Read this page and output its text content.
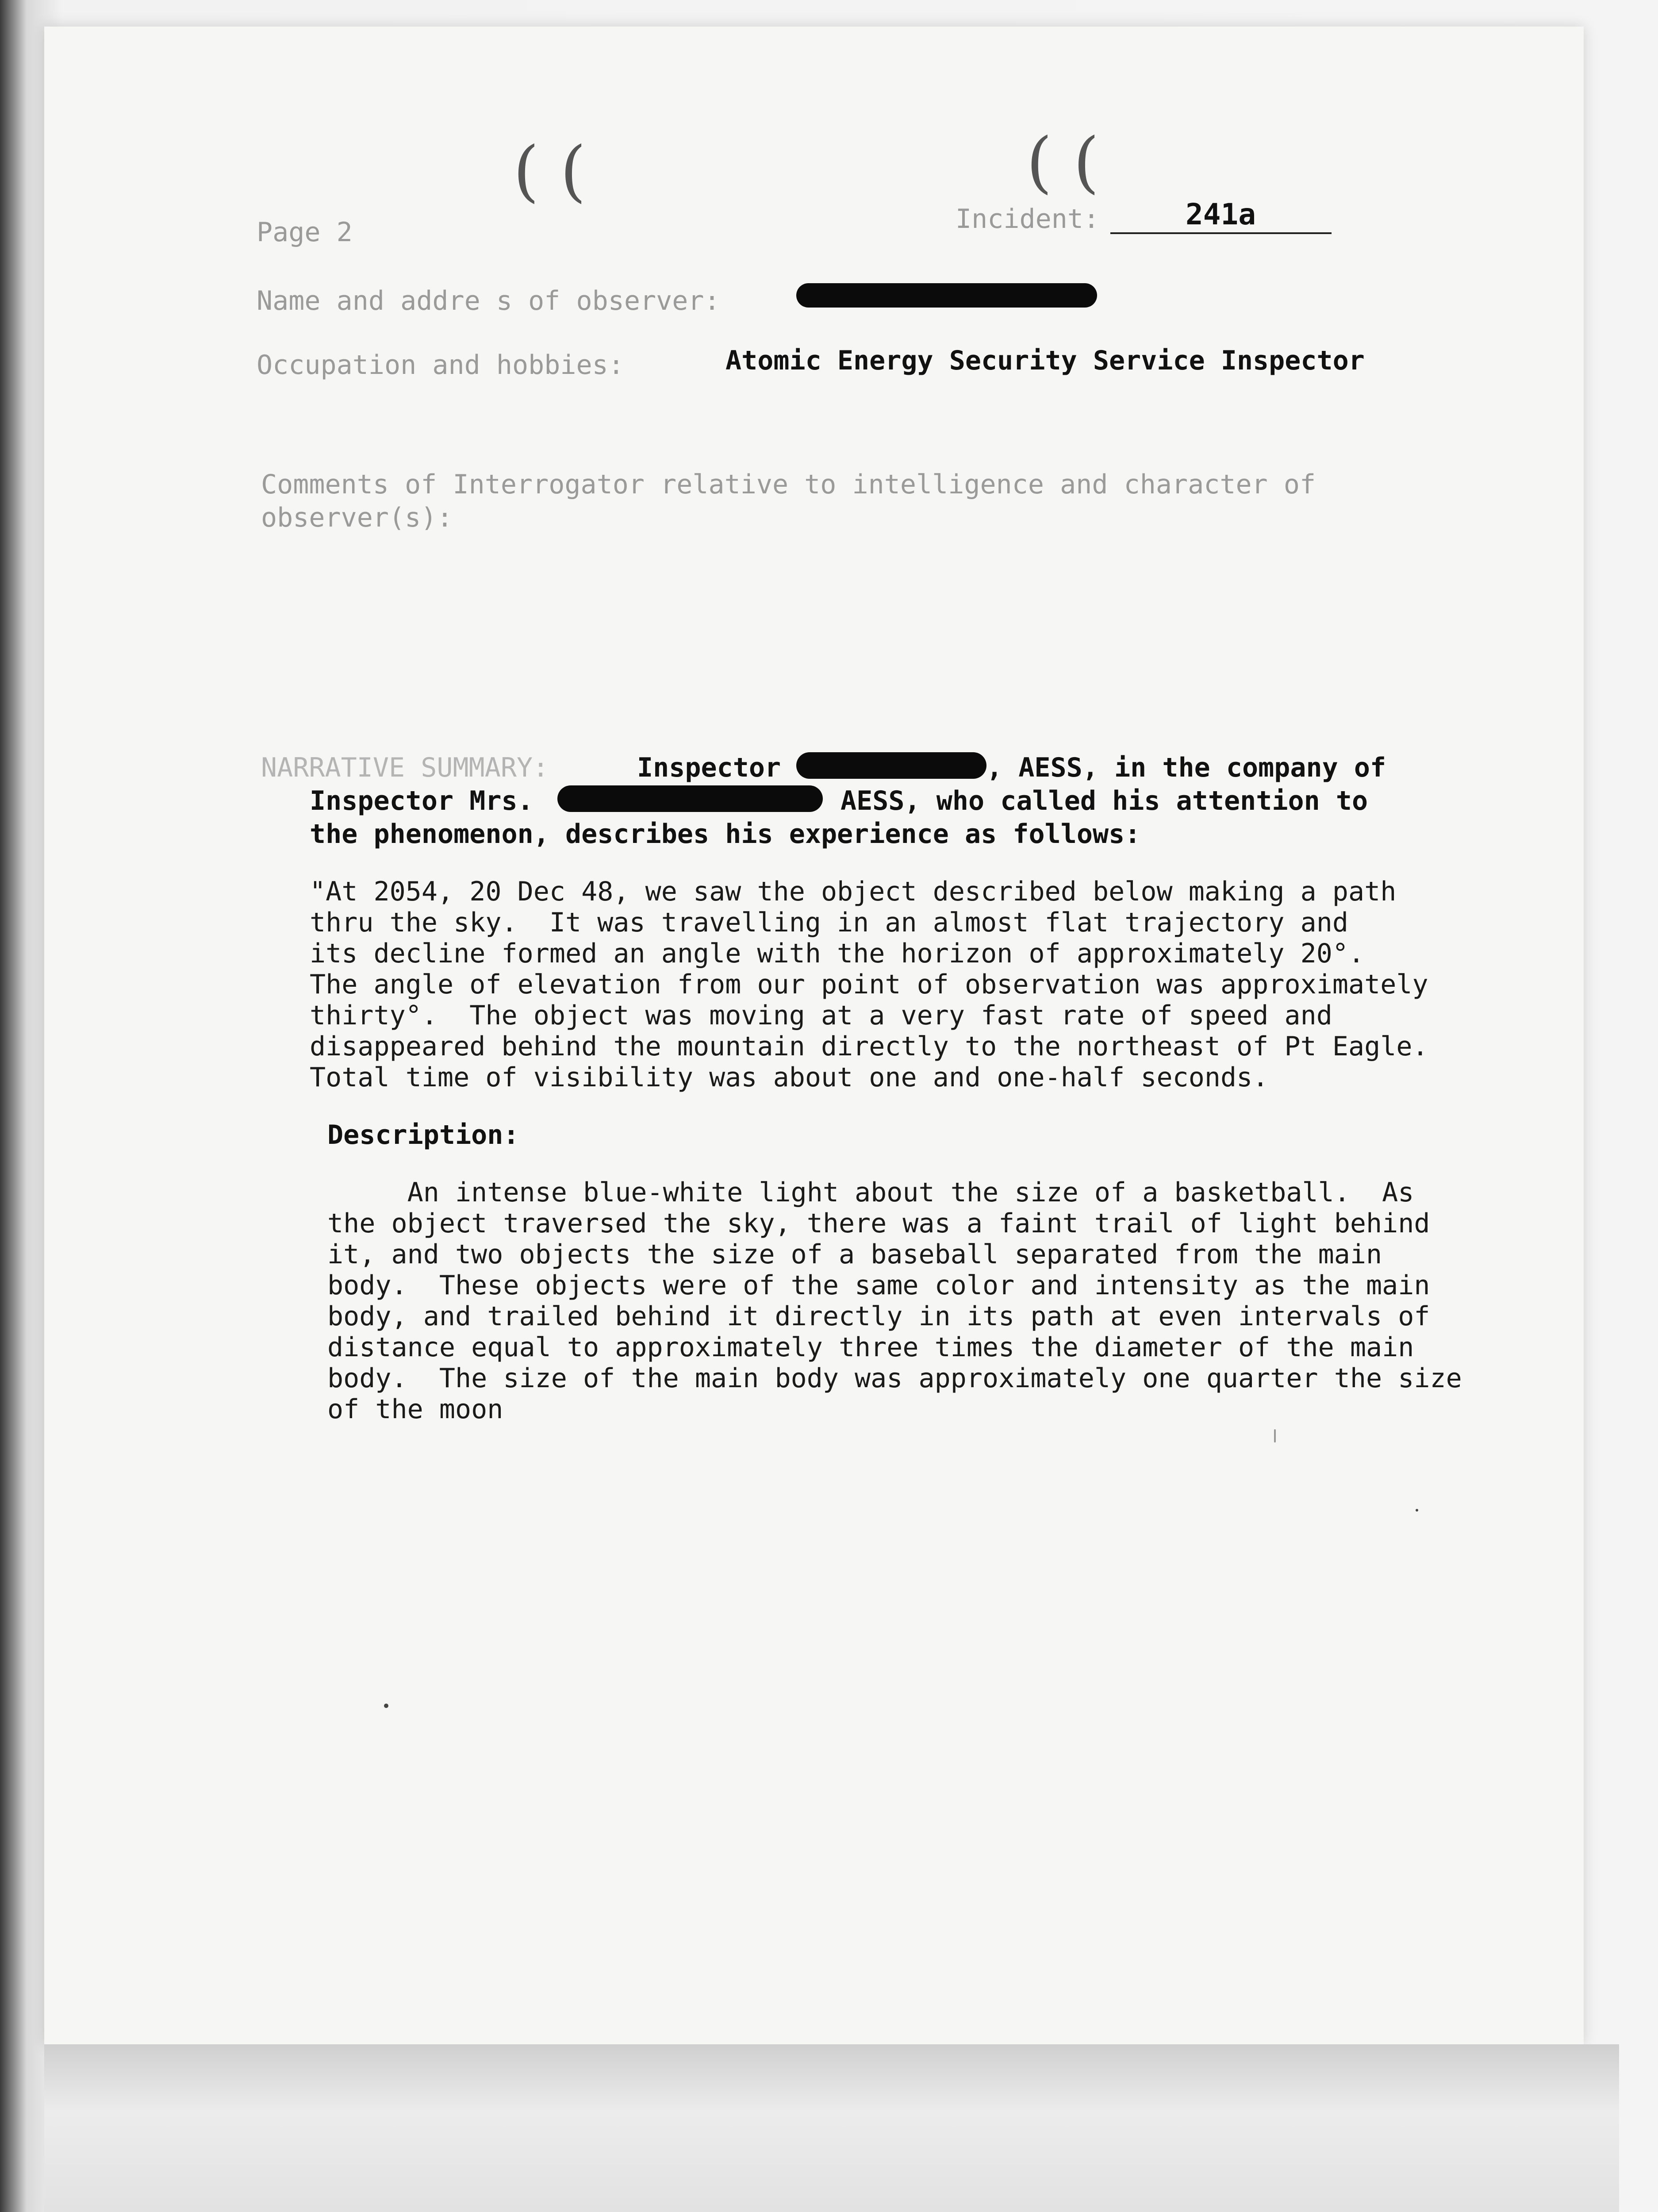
( (	( (
Page 2	Incident:	241a
Name and addre s of observer:
Occupation and hobbies:	Atomic Energy Security Service Inspector
Comments of Interrogator relative to intelligence and character of
observer(s):
NARRATIVE SUMMARY:	Inspector	, AESS, in the company of
Inspector Mrs.	AESS, who called his attention to
the phenomenon, describes his experience as follows:
"At 2054, 20 Dec 48, we saw the object described below making a path
thru the sky.  It was travelling in an almost flat trajectory and
its decline formed an angle with the horizon of approximately 20°.
The angle of elevation from our point of observation was approximately
thirty°.  The object was moving at a very fast rate of speed and
disappeared behind the mountain directly to the northeast of Pt Eagle.
Total time of visibility was about one and one-half seconds.
Description:
An intense blue-white light about the size of a basketball.  As
the object traversed the sky, there was a faint trail of light behind
it, and two objects the size of a baseball separated from the main
body.  These objects were of the same color and intensity as the main
body, and trailed behind it directly in its path at even intervals of
distance equal to approximately three times the diameter of the main
body.  The size of the main body was approximately one quarter the size
of the moon
